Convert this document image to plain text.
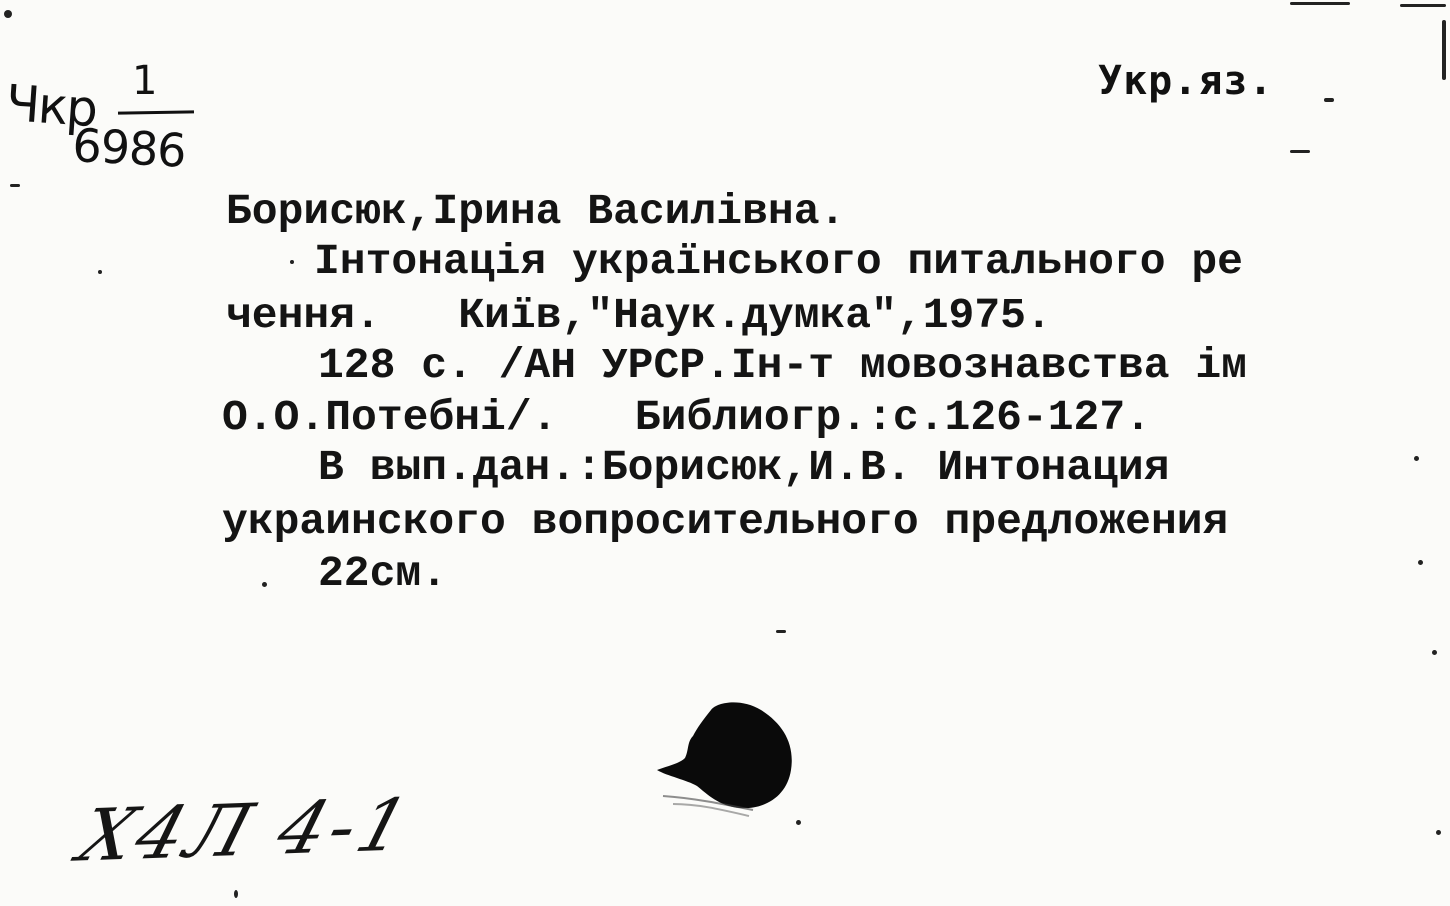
Чкр 1
6986
Укр.яз.
Борисюк,Ірина Василівна.
Інтонація українського питального ре
чення.   Київ,"Наук.думка",1975.
128 с. /АН УРСР.Ін-т мовознавства ім
О.О.Потебні/.   Библиогр.:с.126-127.
В вып.дан.:Борисюк,И.В. Интонация
украинского вопросительного предложения
22см.
Х4Л 4-1
